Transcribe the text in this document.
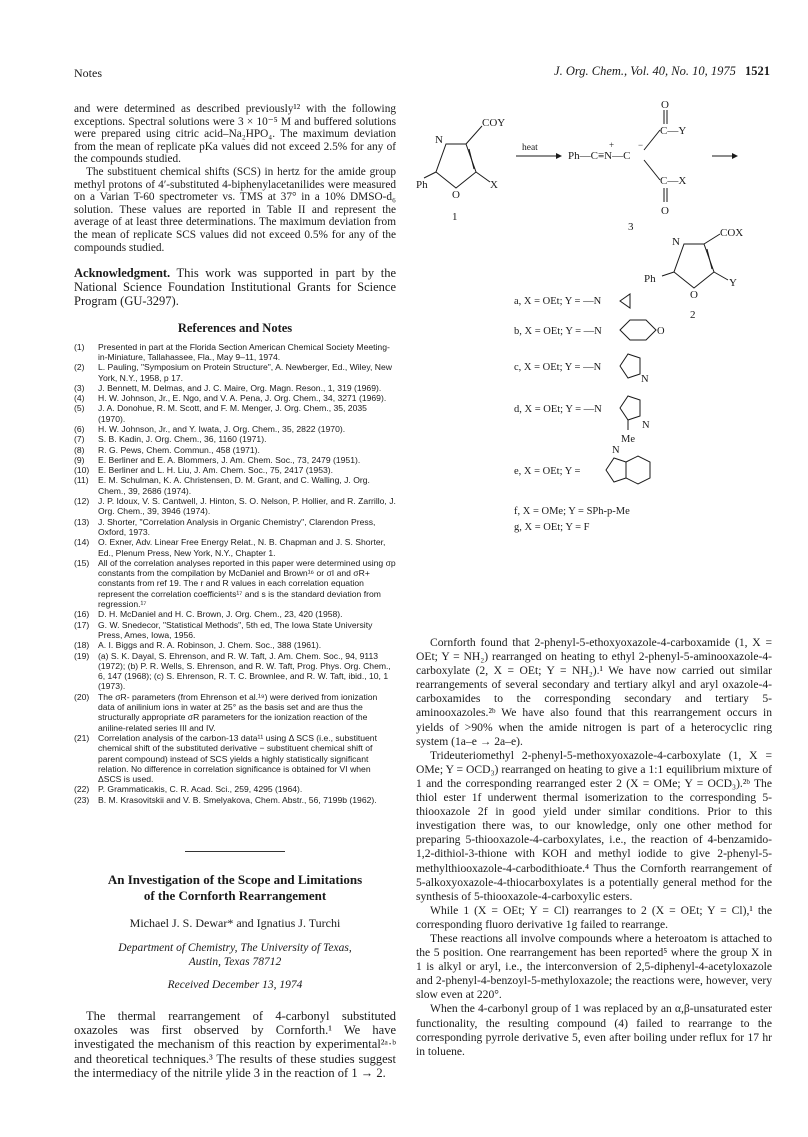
Notes	J. Org. Chem., Vol. 40, No. 10, 1975 1521

and were determined as described previously¹² with the following exceptions. Spectral solutions were 3 × 10⁻⁵ M and buffered solutions were prepared using citric acid–Na₂HPO₄. The maximum deviation from the mean of replicate pKa values did not exceed 2.5% for any of the compounds studied.

The substituent chemical shifts (SCS) in hertz for the amide group methyl protons of 4′-substituted 4-biphenylacetanilides were measured on a Varian T-60 spectrometer vs. TMS at 37° in a 10% DMSO-d₆ solution. These values are reported in Table II and represent the average of at least three determinations. The maximum deviation from the mean of replicate SCS values did not exceed 0.5% for any of the compounds studied.

Acknowledgment. This work was supported in part by the National Science Foundation Institutional Grants for Science Program (GU-3297).

References and Notes
(1)	Presented in part at the Florida Section American Chemical Society Meeting-in-Miniature, Tallahassee, Fla., May 9–11, 1974.
(2)	L. Pauling, "Symposium on Protein Structure", A. Newberger, Ed., Wiley, New York, N.Y., 1958, p 17.
(3)	J. Bennett, M. Delmas, and J. C. Maire, Org. Magn. Reson., 1, 319 (1969).
(4)	H. W. Johnson, Jr., E. Ngo, and V. A. Pena, J. Org. Chem., 34, 3271 (1969).
(5)	J. A. Donohue, R. M. Scott, and F. M. Menger, J. Org. Chem., 35, 2035 (1970).
(6)	H. W. Johnson, Jr., and Y. Iwata, J. Org. Chem., 35, 2822 (1970).
(7)	S. B. Kadin, J. Org. Chem., 36, 1160 (1971).
(8)	R. G. Pews, Chem. Commun., 458 (1971).
(9)	E. Berliner and E. A. Blommers, J. Am. Chem. Soc., 73, 2479 (1951).
(10)	E. Berliner and L. H. Liu, J. Am. Chem. Soc., 75, 2417 (1953).
(11)	E. M. Schulman, K. A. Christensen, D. M. Grant, and C. Walling, J. Org. Chem., 39, 2686 (1974).
(12)	J. P. Idoux, V. S. Cantwell, J. Hinton, S. O. Nelson, P. Hollier, and R. Zarrillo, J. Org. Chem., 39, 3946 (1974).
(13)	J. Shorter, "Correlation Analysis in Organic Chemistry", Clarendon Press, Oxford, 1973.
(14)	O. Exner, Adv. Linear Free Energy Relat., N. B. Chapman and J. S. Shorter, Ed., Plenum Press, New York, N.Y., Chapter 1.
(15)	All of the correlation analyses reported in this paper were determined using σp constants from the compilation by McDaniel and Brown¹⁶ or σI and σR+ constants from ref 19. The r and R values in each correlation equation represent the correlation coefficients¹⁷ and s is the standard deviation from regression.¹⁷
(16)	D. H. McDaniel and H. C. Brown, J. Org. Chem., 23, 420 (1958).
(17)	G. W. Snedecor, "Statistical Methods", 5th ed, The Iowa State University Press, Ames, Iowa, 1956.
(18)	A. I. Biggs and R. A. Robinson, J. Chem. Soc., 388 (1961).
(19)	(a) S. K. Dayal, S. Ehrenson, and R. W. Taft, J. Am. Chem. Soc., 94, 9113 (1972); (b) P. R. Wells, S. Ehrenson, and R. W. Taft, Prog. Phys. Org. Chem., 6, 147 (1968); (c) S. Ehrenson, R. T. C. Brownlee, and R. W. Taft, ibid., 10, 1 (1973).
(20)	The σR- parameters (from Ehrenson et al.¹⁹) were derived from ionization data of anilinium ions in water at 25° as the basis set and are thus the structurally appropriate σR parameters for the ionization reaction of the aniline-related series III and IV.
(21)	Correlation analysis of the carbon-13 data¹¹ using Δ SCS (i.e., substituent chemical shift of the substituted derivative − substituent chemical shift of parent compound) instead of SCS yields a highly statistically significant relation. No difference in correlation significance is obtained for VI when ΔSCS is used.
(22)	P. Grammaticakis, C. R. Acad. Sci., 259, 4295 (1964).
(23)	B. M. Krasovitskii and V. B. Smelyakova, Chem. Abstr., 56, 7199b (1962).
An Investigation of the Scope and Limitations
of the Cornforth Rearrangement
Michael J. S. Dewar* and Ignatius J. Turchi
Department of Chemistry, The University of Texas,
Austin, Texas 78712
Received December 13, 1974

The thermal rearrangement of 4-carbonyl substituted oxazoles was first observed by Cornforth.¹ We have investigated the mechanism of this reaction by experimental²ᵃ·ᵇ and theoretical techniques.³ The results of these studies suggest the intermediacy of the nitrile ylide 3 in the reaction of 1 → 2.

N
O
COY
Ph	X
1
heat
Ph—C≡N—C
+	−
C—Y
C—X
O
O
3
N
O
COX
Ph	Y
2
a, X = OEt; Y = —N
b, X = OEt; Y = —N	O
c, X = OEt; Y = —N
N
d, X = OEt; Y = —N
N
Me
e, X = OEt; Y =
N
f, X = OMe; Y = SPh-p-Me
g, X = OEt; Y = F

Cornforth found that 2-phenyl-5-ethoxyoxazole-4-carboxamide (1, X = OEt; Y = NH₂) rearranged on heating to ethyl 2-phenyl-5-aminooxazole-4-carboxylate (2, X = OEt; Y = NH₂).¹ We have now carried out similar rearrangements of several secondary and tertiary alkyl and aryl oxazole-4-carboxamides to the corresponding secondary and tertiary 5-aminooxazoles.²ᵇ We have also found that this rearrangement occurs in yields of >90% when the amide nitrogen is part of a heterocyclic ring system (1a–e → 2a–e).

Trideuteriomethyl 2-phenyl-5-methoxyoxazole-4-carboxylate (1, X = OMe; Y = OCD₃) rearranged on heating to give a 1:1 equilibrium mixture of 1 and the corresponding rearranged ester 2 (X = OMe; Y = OCD₃).²ᵇ The thiol ester 1f underwent thermal isomerization to the corresponding 5-thiooxazole 2f in good yield under similar conditions. Prior to this investigation there was, to our knowledge, only one other method for preparing 5-thiooxazole-4-carboxylates, i.e., the reaction of 4-benzamido-1,2-dithiol-3-thione with KOH and methyl iodide to give 2-phenyl-5-methylthiooxazole-4-carbodithioate.⁴ Thus the Cornforth rearrangement of 5-alkoxyoxazole-4-thiocarboxylates is a potentially general method for the synthesis of 5-thiooxazole-4-carboxylic esters.

While 1 (X = OEt; Y = Cl) rearranges to 2 (X = OEt; Y = Cl),¹ the corresponding fluoro derivative 1g failed to rearrange.

These reactions all involve compounds where a heteroatom is attached to the 5 position. One rearrangement has been reported⁵ where the group X in 1 is alkyl or aryl, i.e., the interconversion of 2,5-diphenyl-4-acetyloxazole and 2-phenyl-4-benzoyl-5-methyloxazole; the reactions were, however, very slow even at 220°.

When the 4-carbonyl group of 1 was replaced by an α,β-unsaturated ester functionality, the resulting compound (4) failed to rearrange to the corresponding pyrrole derivative 5, even after boiling under reflux for 17 hr in toluene.
